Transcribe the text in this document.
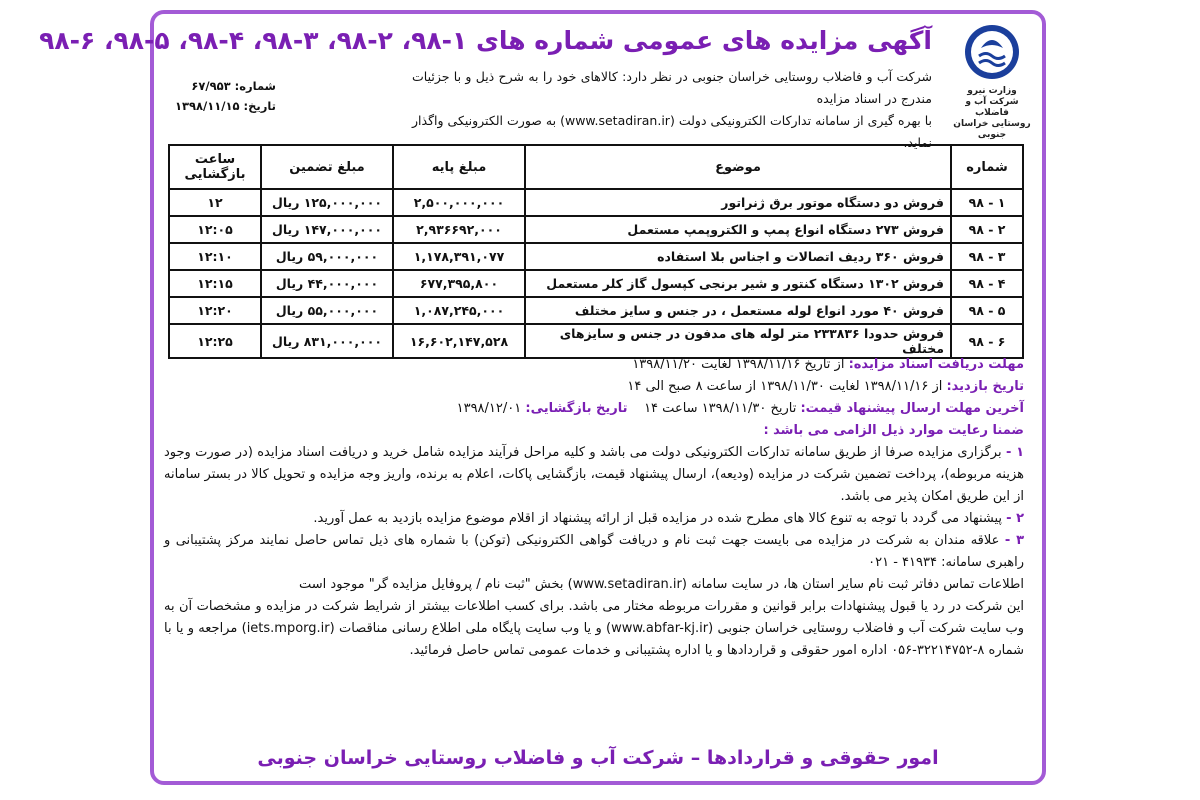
وزارت نیرو
شرکت آب و فاضلاب
روستایی خراسان جنوبی
آگهی مزایده های عمومی شماره های ۱-۹۸، ۲-۹۸، ۳-۹۸، ۴-۹۸، ۵-۹۸، ۶-۹۸
شرکت آب و فاضلاب روستایی خراسان جنوبی در نظر دارد: کالاهای خود را به شرح ذیل و با جزئیات مندرج در اسناد مزایده
با بهره گیری از سامانه تدارکات الکترونیکی دولت (www.setadiran.ir) به صورت الکترونیکی واگذار نماید.
شماره: ۶۷/۹۵۳
تاریخ: ۱۳۹۸/۱۱/۱۵
شماره	موضوع	مبلغ پایه	مبلغ تضمین	ساعت بازگشایی
۱ - ۹۸	فروش دو دستگاه موتور برق ژنراتور	۲,۵۰۰,۰۰۰,۰۰۰	۱۲۵,۰۰۰,۰۰۰ ریال	۱۲
۲ - ۹۸	فروش ۲۷۳ دستگاه انواع پمپ و الکتروپمپ مستعمل	۲,۹۳۶۶۹۲,۰۰۰	۱۴۷,۰۰۰,۰۰۰ ریال	۱۲:۰۵
۳ - ۹۸	فروش ۳۶۰ ردیف اتصالات و اجناس بلا استفاده	۱,۱۷۸,۳۹۱,۰۷۷	۵۹,۰۰۰,۰۰۰ ریال	۱۲:۱۰
۴ - ۹۸	فروش ۱۳۰۲ دستگاه کنتور و شیر برنجی کپسول گاز کلر مستعمل	۶۷۷,۳۹۵,۸۰۰	۴۴,۰۰۰,۰۰۰ ریال	۱۲:۱۵
۵ - ۹۸	فروش ۴۰ مورد انواع لوله مستعمل ، در جنس و سایز مختلف	۱,۰۸۷,۲۴۵,۰۰۰	۵۵,۰۰۰,۰۰۰ ریال	۱۲:۲۰
۶ - ۹۸	فروش حدودا ۲۳۳۸۳۶ متر لوله های مدفون در جنس و سایزهای مختلف	۱۶,۶۰۲,۱۴۷,۵۲۸	۸۳۱,۰۰۰,۰۰۰ ریال	۱۲:۲۵

مهلت دریافت اسناد مزایده: از تاریخ ۱۳۹۸/۱۱/۱۶ لغایت ۱۳۹۸/۱۱/۲۰

تاریخ بازدید: از ۱۳۹۸/۱۱/۱۶ لغایت ۱۳۹۸/۱۱/۳۰ از ساعت ۸ صبح الی ۱۴

آخرین مهلت ارسال پیشنهاد قیمت: تاریخ ۱۳۹۸/۱۱/۳۰ ساعت ۱۴    تاریخ بازگشایی: ۱۳۹۸/۱۲/۰۱

ضمنا رعایت موارد ذیل الزامی می باشد :

۱ - برگزاری مزایده صرفا از طریق سامانه تدارکات الکترونیکی دولت می باشد و کلیه مراحل فرآیند مزایده شامل خرید و دریافت اسناد مزایده (در صورت وجود هزینه مربوطه)، پرداخت تضمین شرکت در مزایده (ودیعه)، ارسال پیشنهاد قیمت، بازگشایی پاکات، اعلام به برنده، واریز وجه مزایده و تحویل کالا در بستر سامانه از این طریق امکان پذیر می باشد.

۲ - پیشنهاد می گردد با توجه به تنوع کالا های مطرح شده در مزایده قبل از ارائه پیشنهاد از اقلام موضوع مزایده بازدید به عمل آورید.

۳ - علاقه مندان به شرکت در مزایده می بایست جهت ثبت نام و دریافت گواهی الکترونیکی (توکن) با شماره های ذیل تماس حاصل نمایند مرکز پشتیبانی و راهبری سامانه: ۴۱۹۳۴ - ۰۲۱

اطلاعات تماس دفاتر ثبت نام سایر استان ها، در سایت سامانه (www.setadiran.ir) بخش "ثبت نام / پروفایل مزایده گر" موجود است

این شرکت در رد یا قبول پیشنهادات برابر قوانین و مقررات مربوطه مختار می باشد. برای کسب اطلاعات بیشتر از شرایط شرکت در مزایده و مشخصات آن به وب سایت شرکت آب و فاضلاب روستایی خراسان جنوبی (www.abfar-kj.ir) و یا وب سایت پایگاه ملی اطلاع رسانی مناقصات (iets.mporg.ir) مراجعه و یا با شماره ۸-۳۲۲۱۴۷۵۲-۰۵۶ اداره امور حقوقی و قراردادها و یا اداره پشتیبانی و خدمات عمومی تماس حاصل فرمائید.

امور حقوقی و قراردادها – شرکت آب و فاضلاب روستایی خراسان جنوبی
